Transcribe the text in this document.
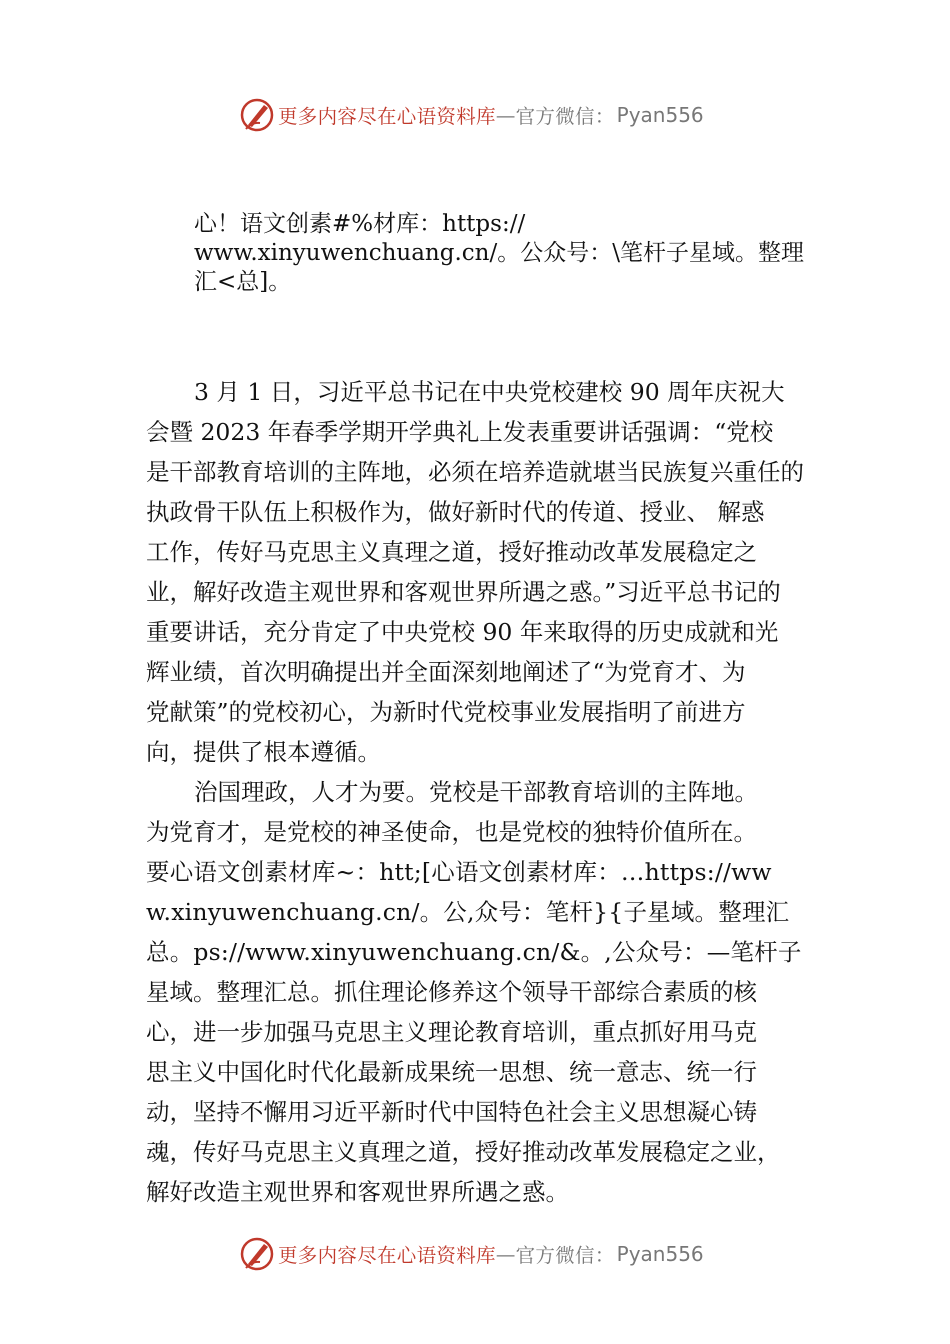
更多内容尽在心语资料库 — 官方微信： Pyan556
心！语文创素#%材库：https://
www.xinyuwenchuang.cn/。公众号：\笔杆子星域。整理
汇<总]。
3 月 1 日，习近平总书记在中央党校建校 90 周年庆祝大
会暨 2023 年春季学期开学典礼上发表重要讲话强调：“党校
是干部教育培训的主阵地，必须在培养造就堪当民族复兴重任的
执政骨干队伍上积极作为，做好新时代的传道、授业、 解惑
工作，传好马克思主义真理之道，授好推动改革发展稳定之
业，解好改造主观世界和客观世界所遇之惑。”习近平总书记的
重要讲话，充分肯定了中央党校 90 年来取得的历史成就和光
辉业绩，首次明确提出并全面深刻地阐述了“为党育才、为
党献策”的党校初心，为新时代党校事业发展指明了前进方
向，提供了根本遵循。
治国理政，人才为要。党校是干部教育培训的主阵地。
为党育才，是党校的神圣使命，也是党校的独特价值所在。
要心语文创素材库~：htt;[心语文创素材库：…https://ww
w.xinyuwenchuang.cn/。公,众号：笔杆}{子星域。整理汇
总。ps://www.xinyuwenchuang.cn/&。,公众号：—笔杆子
星域。整理汇总。抓住理论修养这个领导干部综合素质的核
心，进一步加强马克思主义理论教育培训，重点抓好用马克
思主义中国化时代化最新成果统一思想、统一意志、统一行
动，坚持不懈用习近平新时代中国特色社会主义思想凝心铸
魂，传好马克思主义真理之道，授好推动改革发展稳定之业，
解好改造主观世界和客观世界所遇之惑。
更多内容尽在心语资料库 — 官方微信： Pyan556
